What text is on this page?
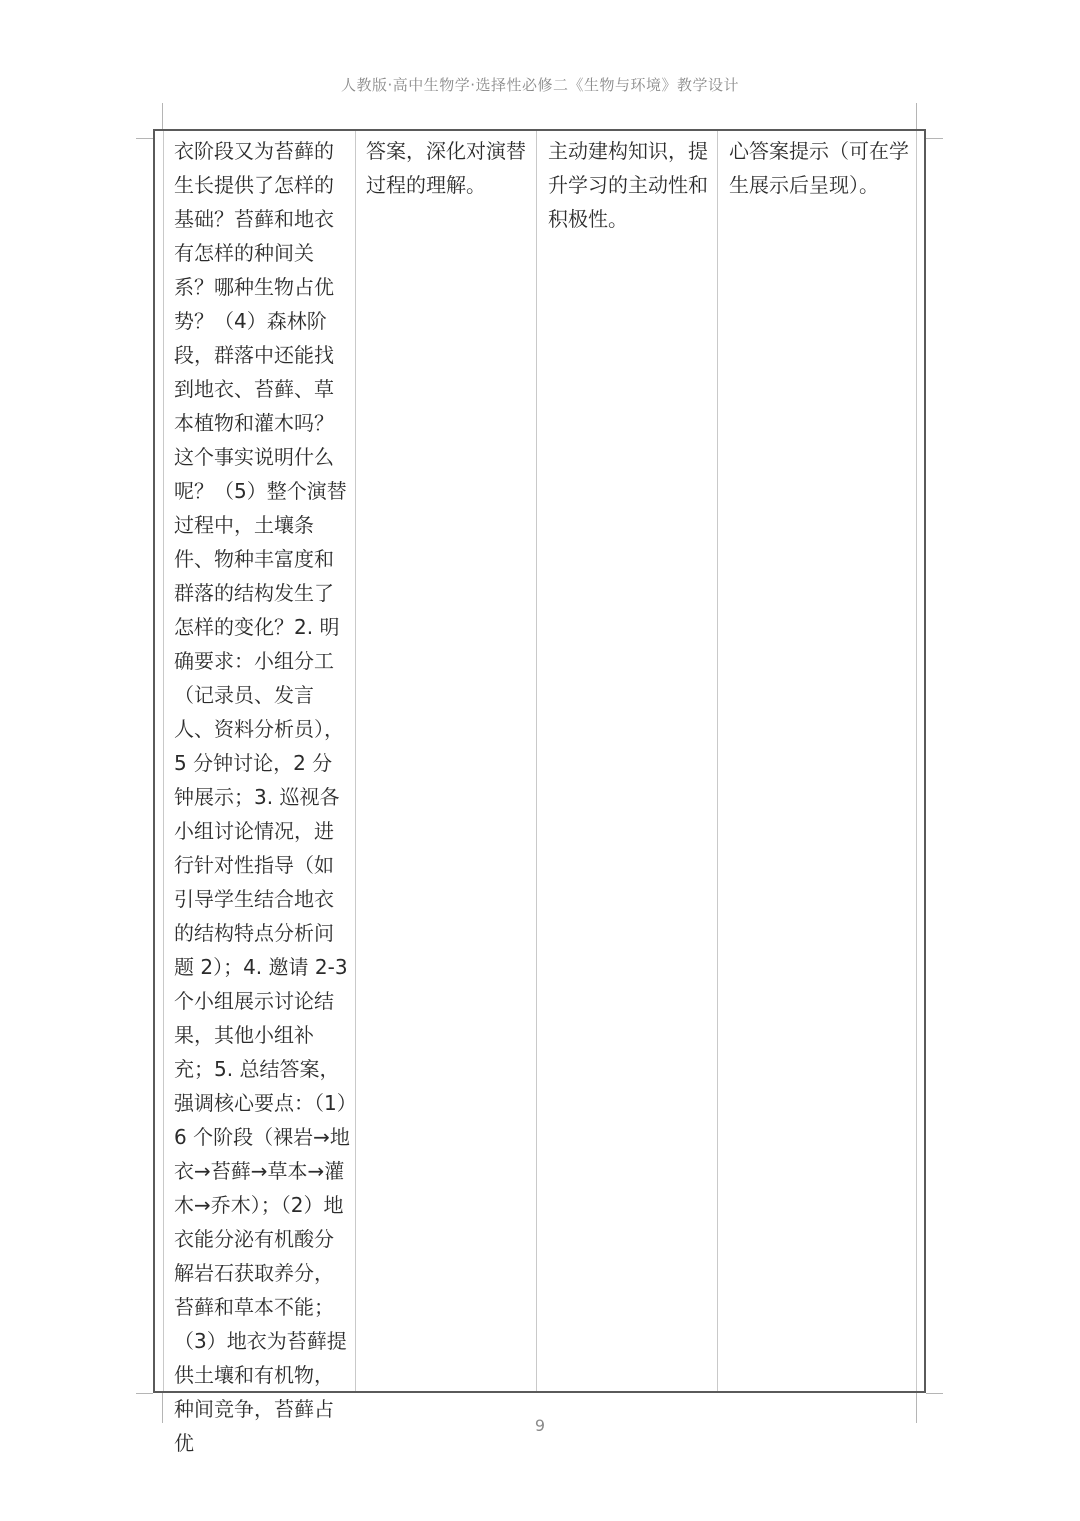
人教版·高中生物学·选择性必修二《生物与环境》教学设计
衣阶段又为苔藓的生长提供了怎样的基础？苔藓和地衣有怎样的种间关系？哪种生物占优势？（4）森林阶段，群落中还能找到地衣、苔藓、草本植物和灌木吗？这个事实说明什么呢？（5）整个演替过程中，土壤条件、物种丰富度和群落的结构发生了怎样的变化？2. 明确要求：小组分工（记录员、发言人、资料分析员），5 分钟讨论，2 分钟展示；3. 巡视各小组讨论情况，进行针对性指导（如引导学生结合地衣的结构特点分析问题 2）；4. 邀请 2-3 个小组展示讨论结果，其他小组补充；5. 总结答案，强调核心要点：（1）6 个阶段（裸岩→地衣→苔藓→草本→灌木→乔木）；（2）地衣能分泌有机酸分解岩石获取养分，苔藓和草本不能；（3）地衣为苔藓提供土壤和有机物，种间竞争，苔藓占优
答案，深化对演替过程的理解。
主动建构知识，提升学习的主动性和积极性。
心答案提示（可在学生展示后呈现）。
9
